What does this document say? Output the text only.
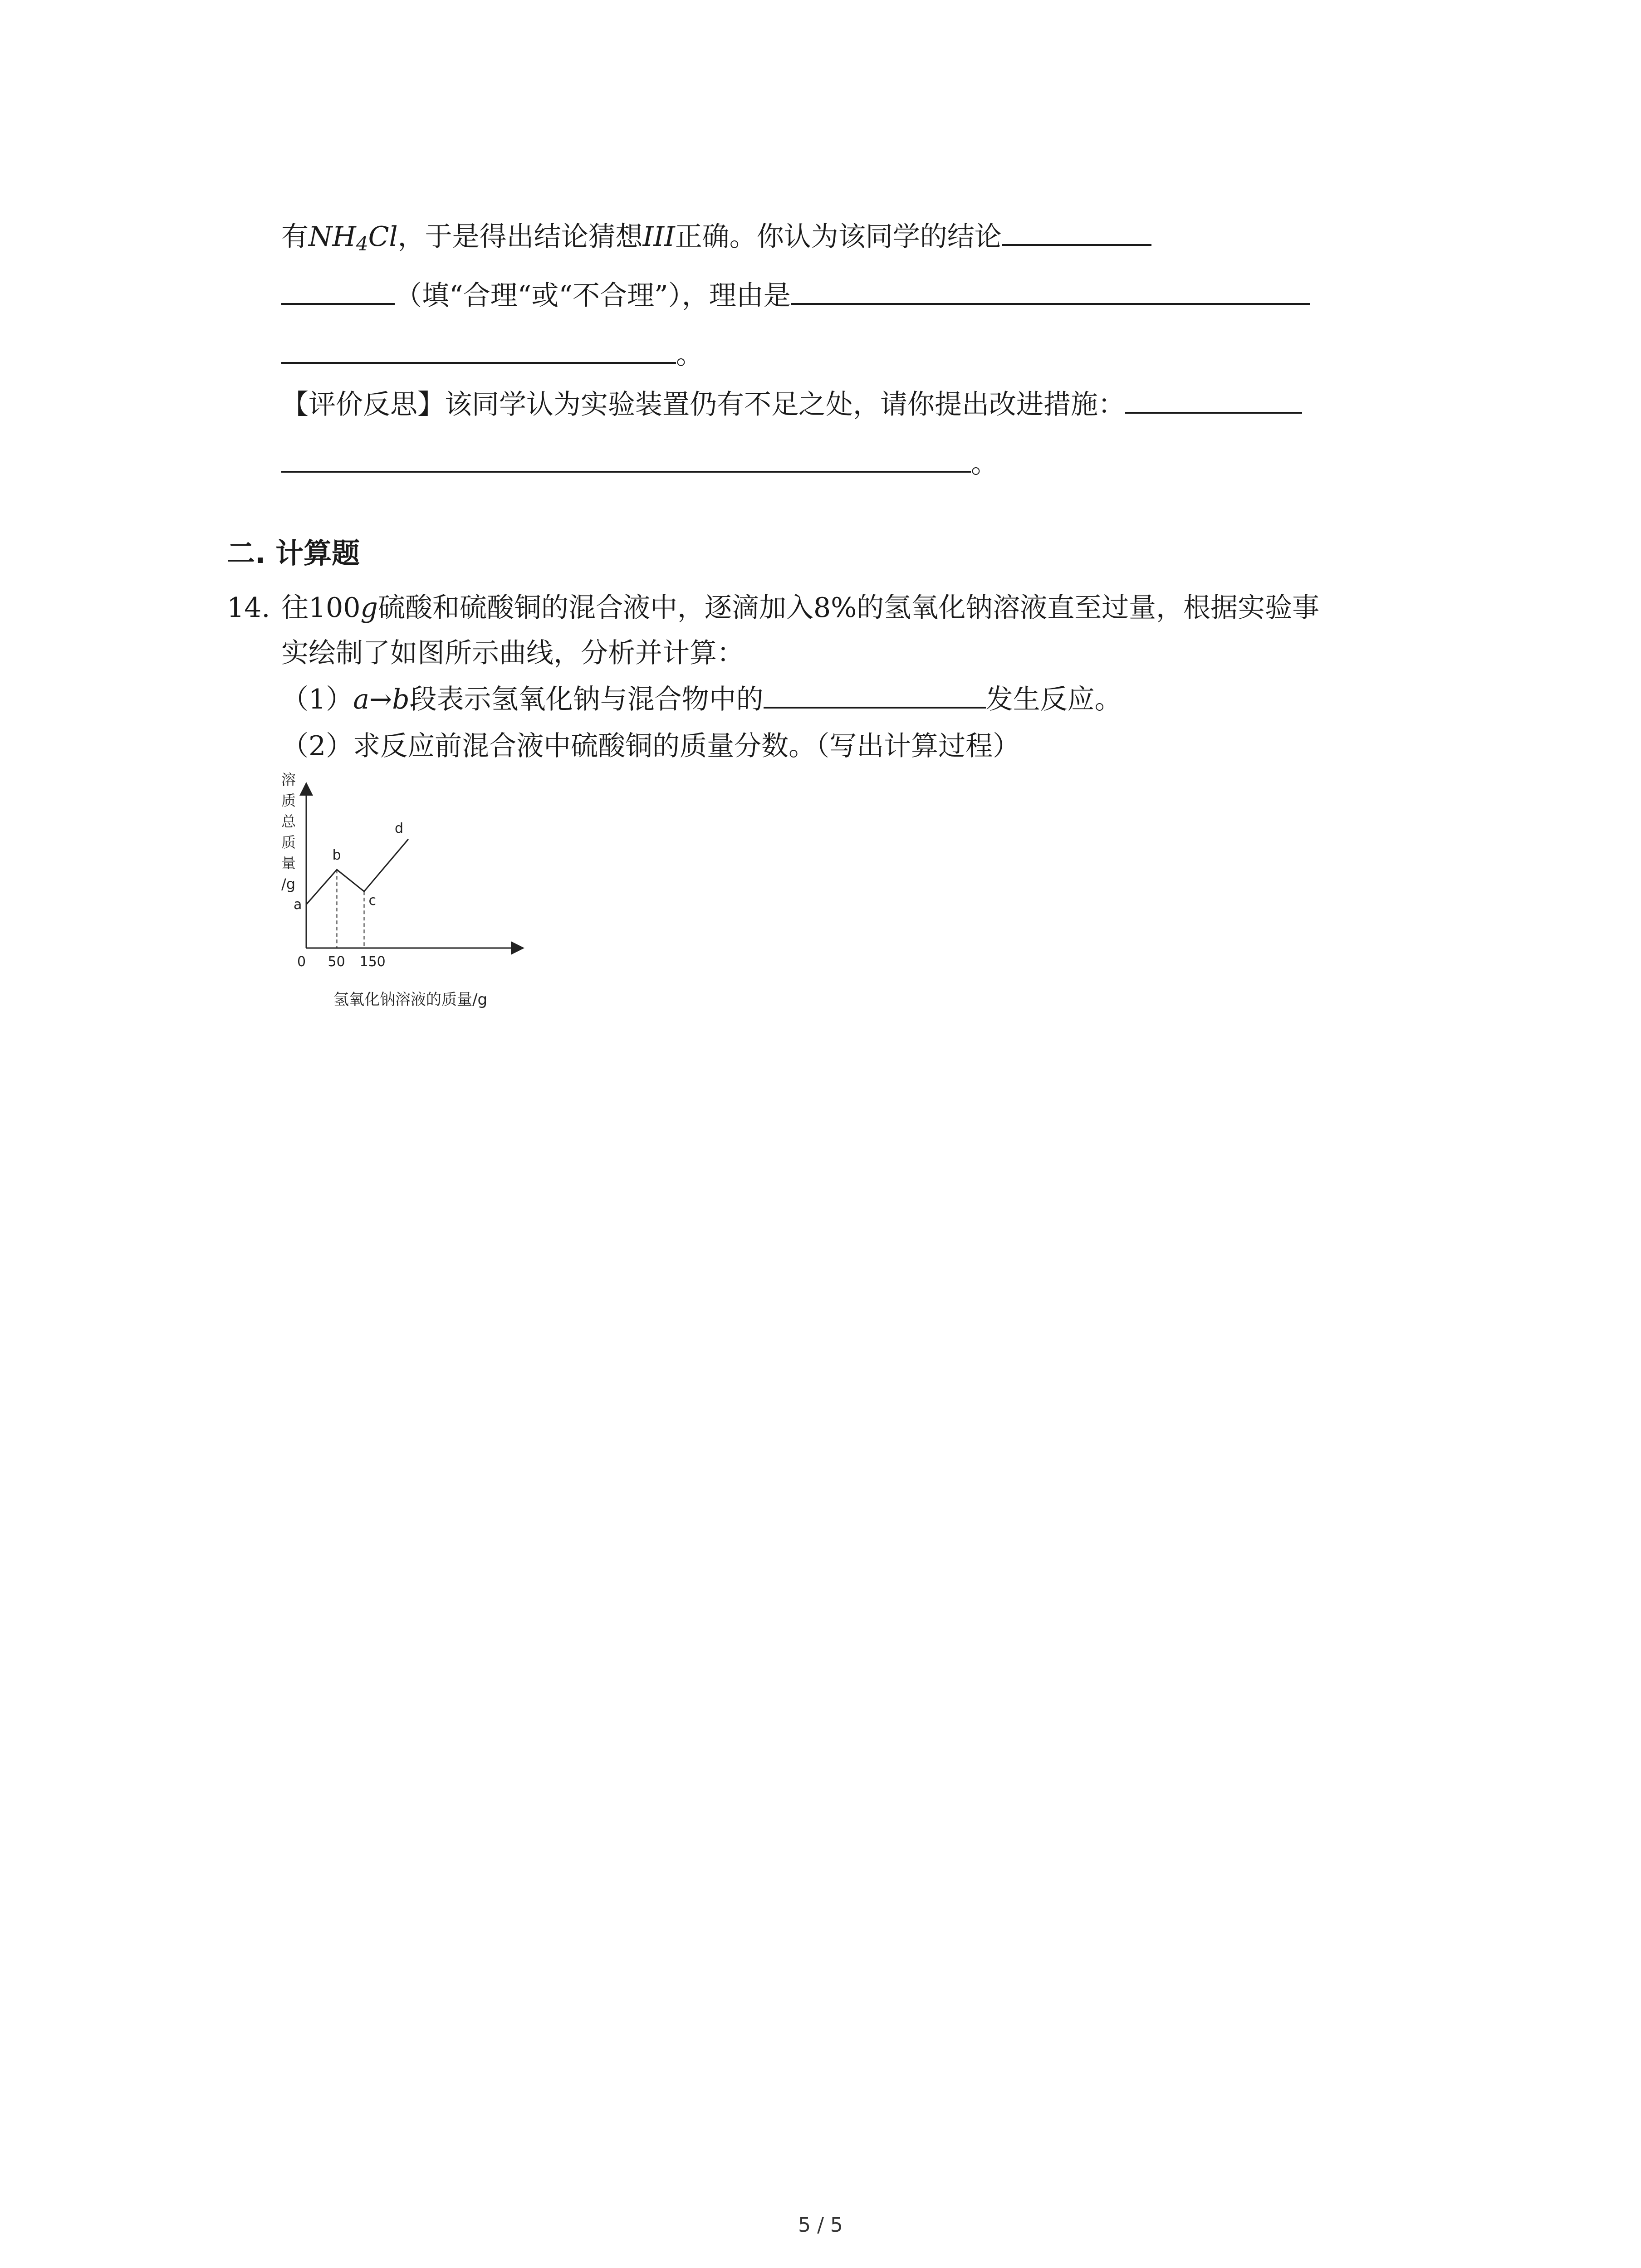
有$NH_4Cl$，于是得出结论猜想III正确。你认为该同学的结论
（填“合理“或“不合理”），理由是
。
【评价反思】该同学认为实验装置仍有不足之处，请你提出改进措施：
。
二. 计算题
14. 往100g硫酸和硫酸铜的混合液中，逐滴加入8%的氢氧化钠溶液直至过量，根据实验事
实绘制了如图所示曲线，分析并计算：
（1）a→b段表示氢氧化钠与混合物中的	发生反应。
（2）求反应前混合液中硫酸铜的质量分数。（写出计算过程）
溶
质
总
质
量
/g
a
b
c
d
50 150
0
氢氧化钠溶液的质量/g
5 / 5
